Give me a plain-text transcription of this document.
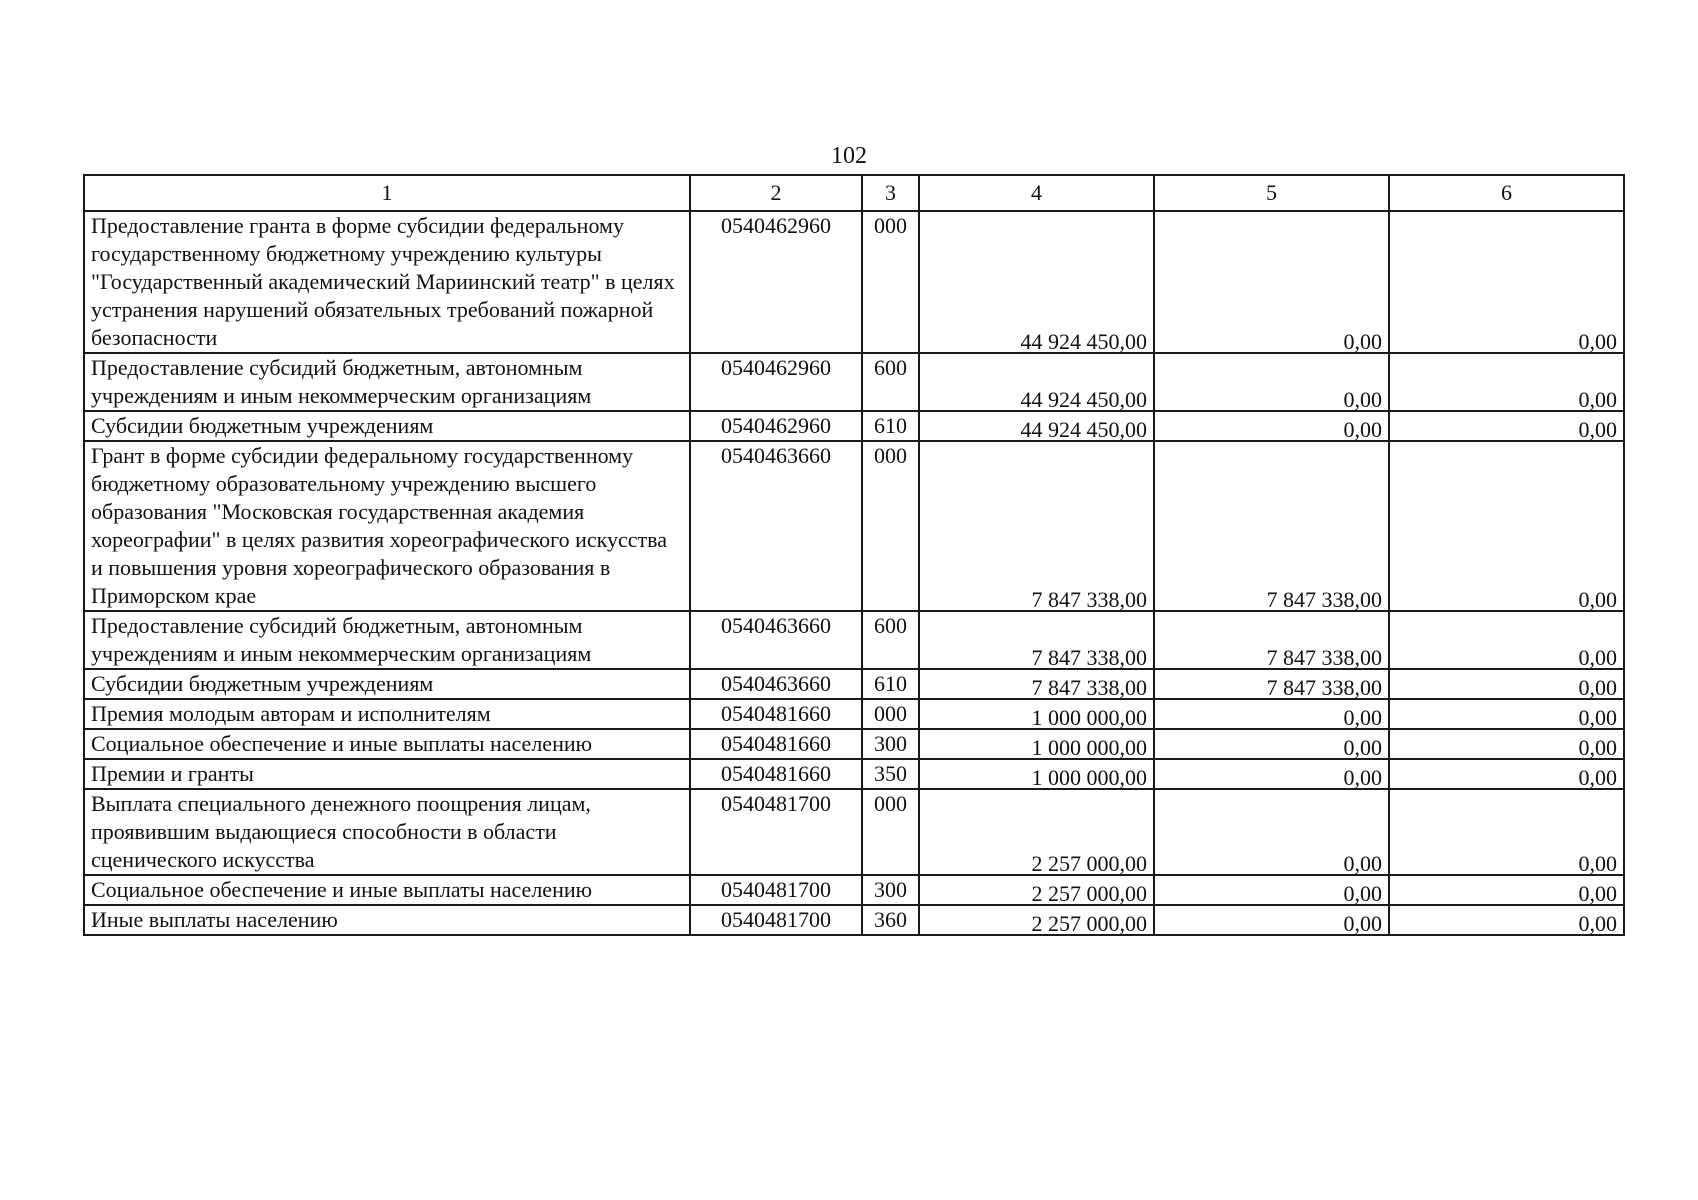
102
1	2	3	4	5	6
Предоставление гранта в форме субсидии федеральному государственному бюджетному учреждению культуры "Государственный академический Мариинский театр" в целях устранения нарушений обязательных требований пожарной безопасности	0540462960	000	44 924 450,00	0,00	0,00
Предоставление субсидий бюджетным, автономным учреждениям и иным некоммерческим организациям	0540462960	600	44 924 450,00	0,00	0,00
Субсидии бюджетным учреждениям	0540462960	610	44 924 450,00	0,00	0,00
Грант в форме субсидии федеральному государственному бюджетному образовательному учреждению высшего образования "Московская государственная академия хореографии" в целях развития хореографического искусства и повышения уровня хореографического образования в Приморском крае	0540463660	000	7 847 338,00	7 847 338,00	0,00
Предоставление субсидий бюджетным, автономным учреждениям и иным некоммерческим организациям	0540463660	600	7 847 338,00	7 847 338,00	0,00
Субсидии бюджетным учреждениям	0540463660	610	7 847 338,00	7 847 338,00	0,00
Премия молодым авторам и исполнителям	0540481660	000	1 000 000,00	0,00	0,00
Социальное обеспечение и иные выплаты населению	0540481660	300	1 000 000,00	0,00	0,00
Премии и гранты	0540481660	350	1 000 000,00	0,00	0,00
Выплата специального денежного поощрения лицам, проявившим выдающиеся способности в области сценического искусства	0540481700	000	2 257 000,00	0,00	0,00
Социальное обеспечение и иные выплаты населению	0540481700	300	2 257 000,00	0,00	0,00
Иные выплаты населению	0540481700	360	2 257 000,00	0,00	0,00
